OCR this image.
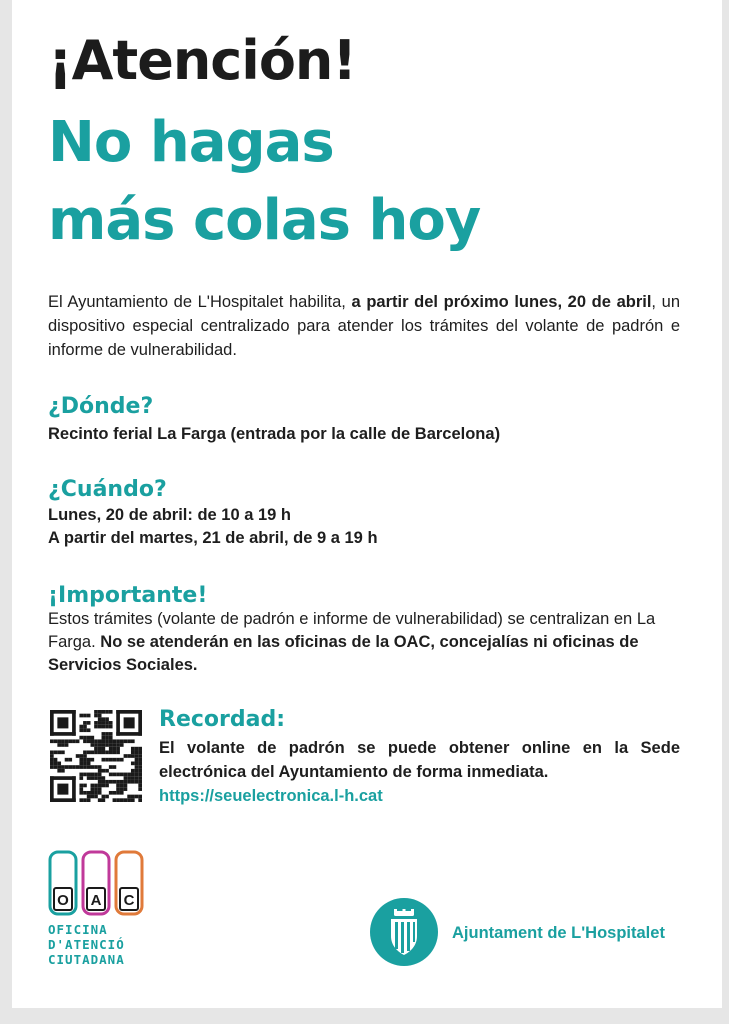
¡Atención!
No hagas
más colas hoy

El Ayuntamiento de L'Hospitalet habilita, a partir del próximo lunes, 20 de abril, un dispositivo especial centralizado para atender los trámites del volante de padrón e informe de vulnerabilidad.

¿Dónde?

Recinto ferial La Farga (entrada por la calle de Barcelona)

¿Cuándo?

Lunes, 20 de abril: de 10 a 19 h
A partir del martes, 21 de abril, de 9 a 19 h

¡Importante!

Estos trámites (volante de padrón e informe de vulnerabilidad) se centralizan en La Farga. No se atenderán en las oficinas de la OAC, concejalías ni oficinas de Servicios Sociales.

Recordad:

El volante de padrón se puede obtener online en la Sede electrónica del Ayuntamiento de forma inmediata.

https://seuelectronica.l-h.cat

O A C

OFICINA
D'ATENCIÓ
CIUTADANA

Ajuntament de L'Hospitalet
